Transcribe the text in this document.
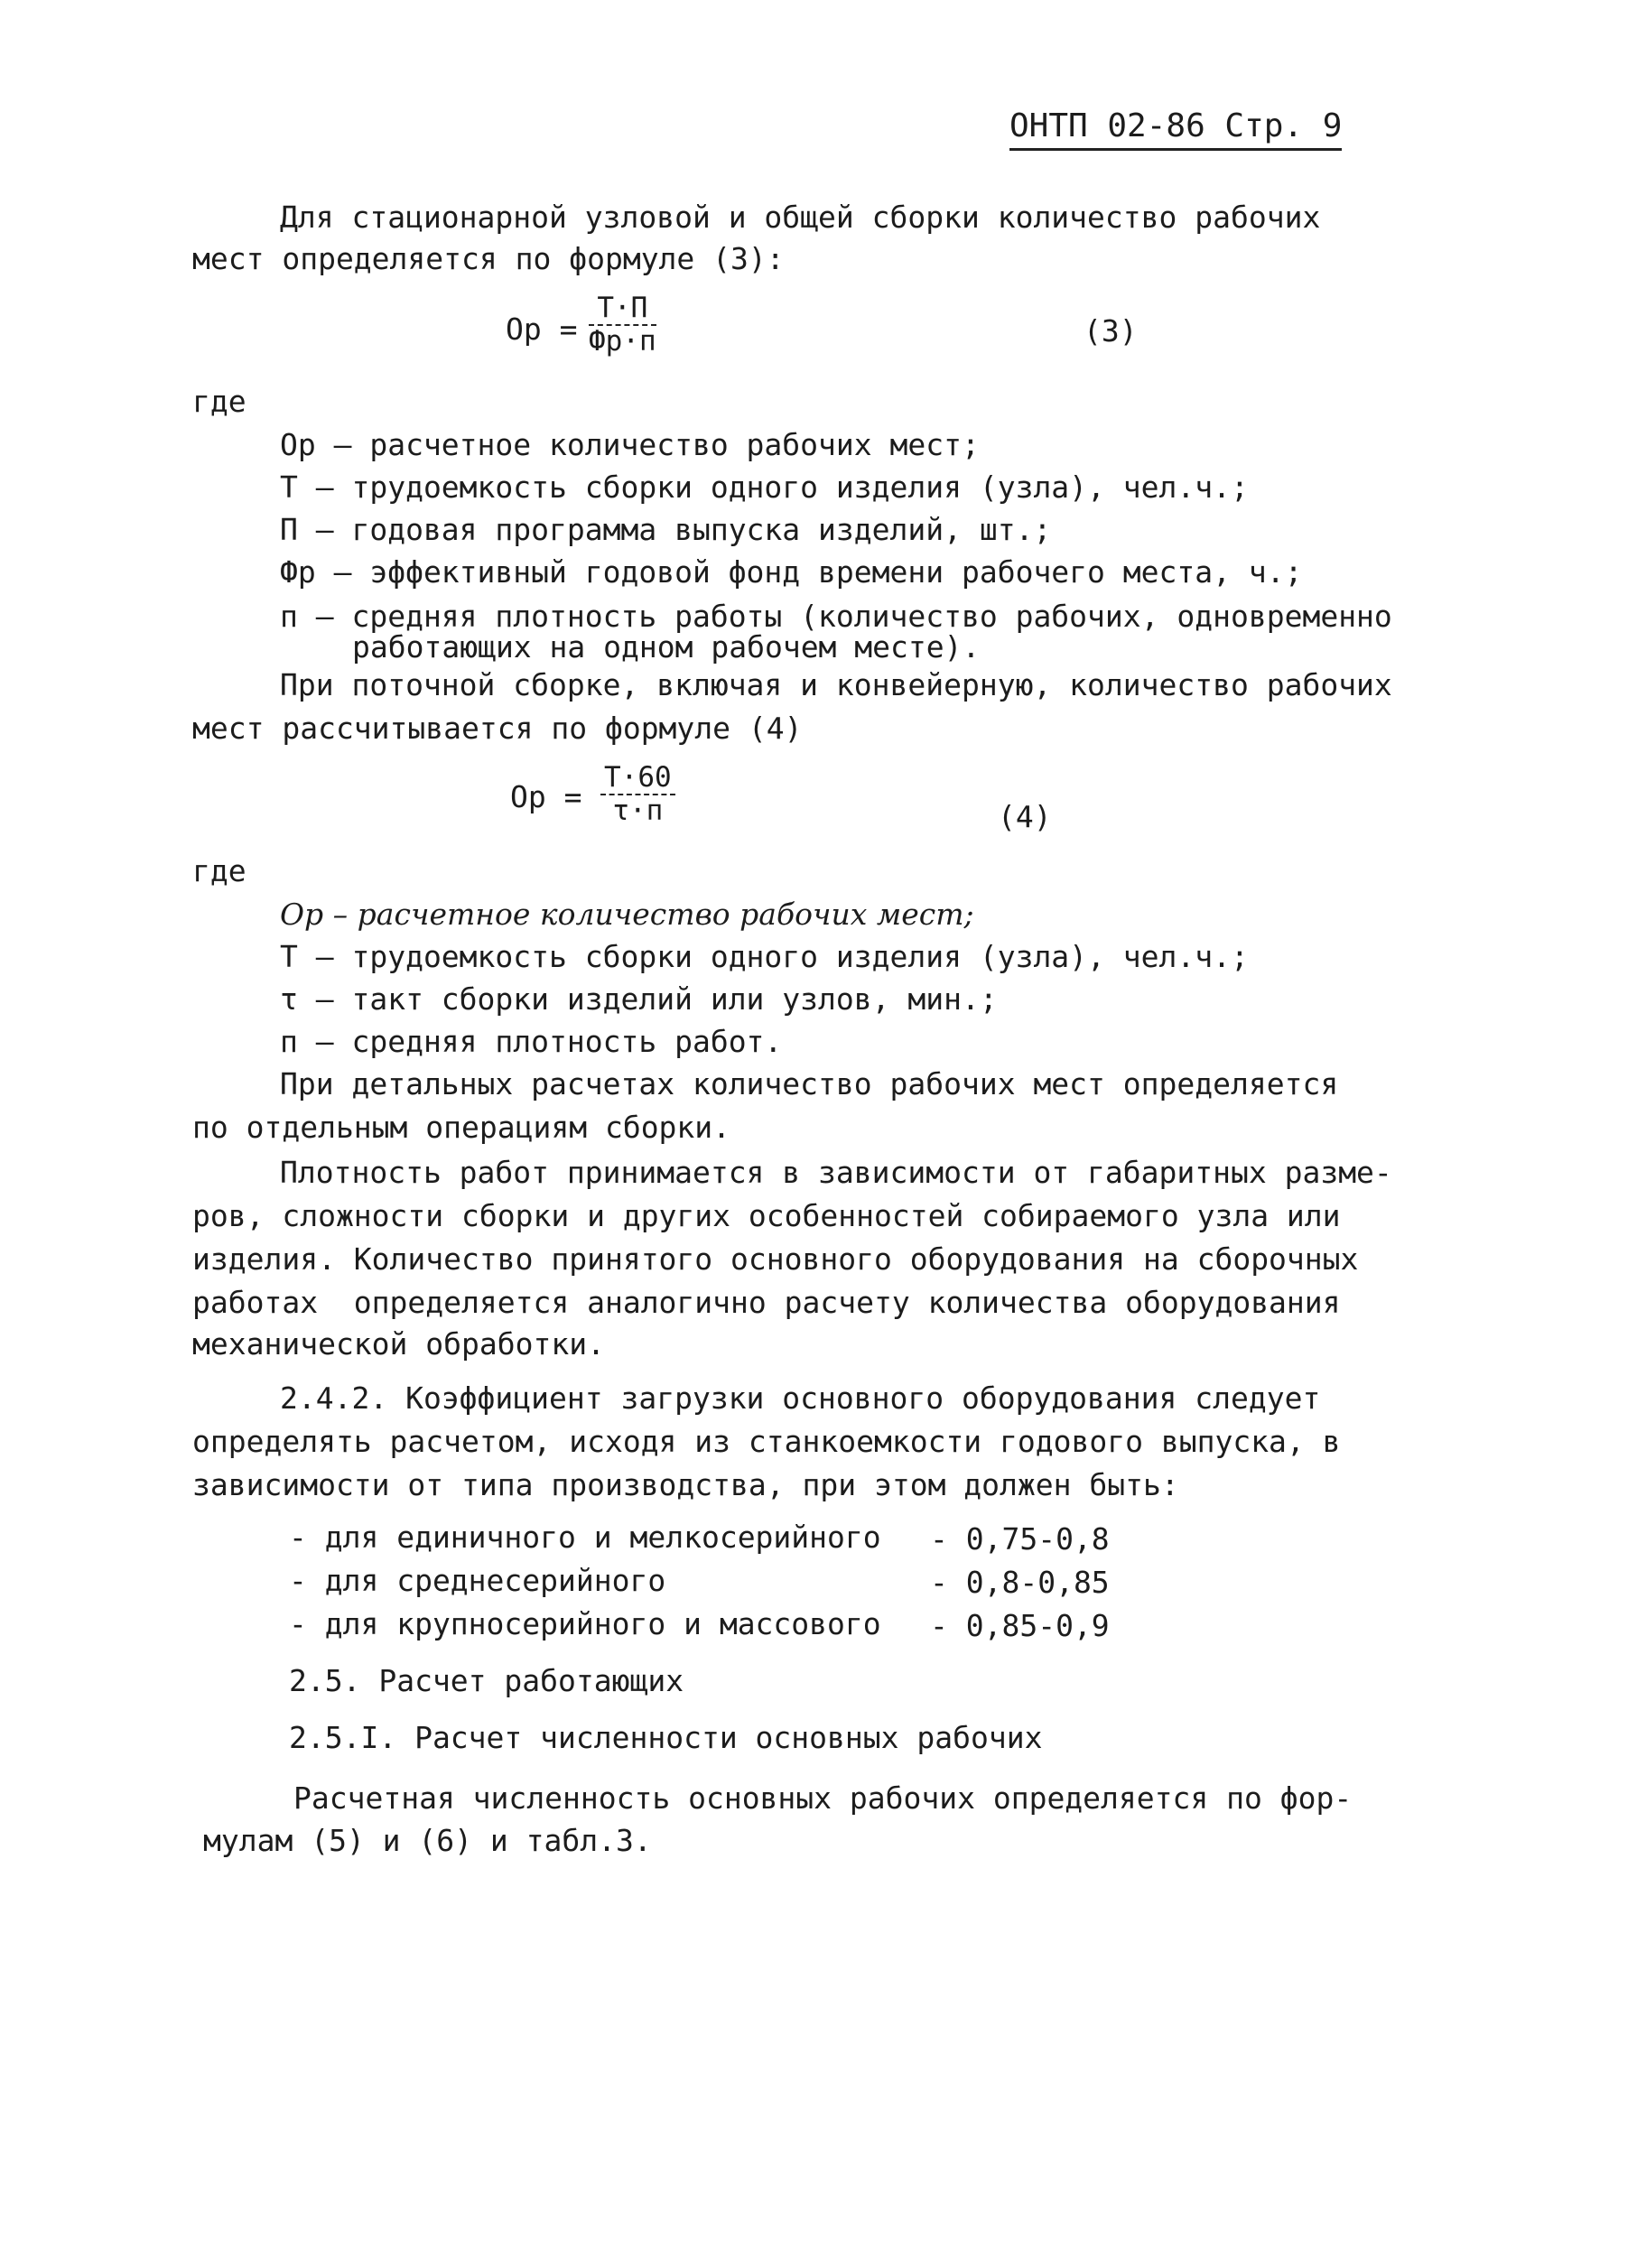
ОНТП 02-86 Стр. 9
Для стационарной узловой и общей сборки количество рабочих
мест определяется по формуле (3):
Ор =
Т·П
Фр·п	(3)
где
Ор – расчетное количество рабочих мест;
Т – трудоемкость сборки одного изделия (узла), чел.ч.;
П – годовая программа выпуска изделий, шт.;
Фр – эффективный годовой фонд времени рабочего места, ч.;
п – средняя плотность работы (количество рабочих, одновременно
работающих на одном рабочем месте).
При поточной сборке, включая и конвейерную, количество рабочих
мест рассчитывается по формуле (4)
Ор =
Т·60
τ·п	(4)
где
Ор – расчетное количество рабочих мест;
Т – трудоемкость сборки одного изделия (узла), чел.ч.;
τ – такт сборки изделий или узлов, мин.;
п – средняя плотность работ.
При детальных расчетах количество рабочих мест определяется
по отдельным операциям сборки.
Плотность работ принимается в зависимости от габаритных разме-
ров, сложности сборки и других особенностей собираемого узла или
изделия. Количество принятого основного оборудования на сборочных
работах  определяется аналогично расчету количества оборудования
механической обработки.
2.4.2. Коэффициент загрузки основного оборудования следует
определять расчетом, исходя из станкоемкости годового выпуска, в
зависимости от типа производства, при этом должен быть:
- для единичного и мелкосерийного - 0,75-0,8
- для среднесерийного	- 0,8-0,85
- для крупносерийного и массового - 0,85-0,9
2.5. Расчет работающих
2.5.I. Расчет численности основных рабочих
Расчетная численность основных рабочих определяется по фор-
мулам (5) и (6) и табл.3.
